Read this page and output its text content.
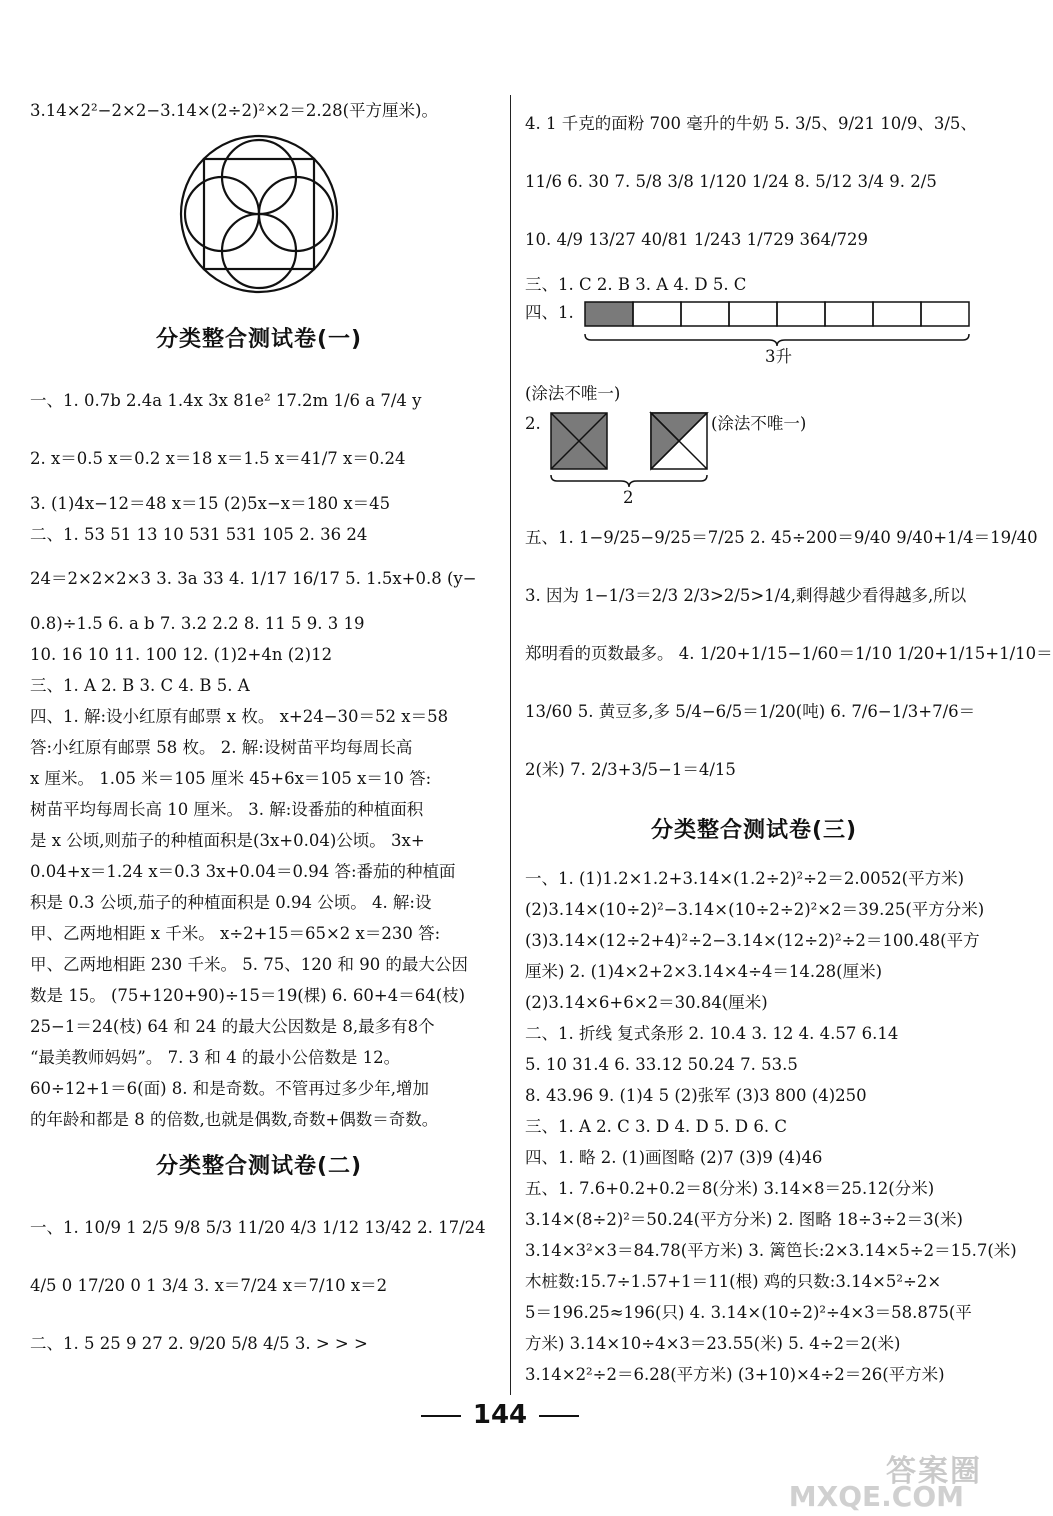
3.14×2²−2×2−3.14×(2÷2)²×2＝2.28(平方厘米)。
分类整合测试卷(一)
一、1. 0.7b 2.4a 1.4x 3x 81e² 17.2m 1/6 a 7/4 y
2. x＝0.5 x＝0.2 x＝18 x＝1.5 x＝41/7 x＝0.24
3. (1)4x−12＝48 x＝15 (2)5x−x＝180 x＝45
二、1. 53 51 13 10 531 531 105 2. 36 24
24＝2×2×2×3 3. 3a 33 4. 1/17 16/17 5. 1.5x+0.8 (y−
0.8)÷1.5 6. a b 7. 3.2 2.2 8. 11 5 9. 3 19
10. 16 10 11. 100 12. (1)2+4n (2)12
三、1. A 2. B 3. C 4. B 5. A
四、1. 解:设小红原有邮票 x 枚。 x+24−30＝52 x＝58
答:小红原有邮票 58 枚。 2. 解:设树苗平均每周长高
x 厘米。 1.05 米＝105 厘米 45+6x＝105 x＝10 答:
树苗平均每周长高 10 厘米。 3. 解:设番茄的种植面积
是 x 公顷,则茄子的种植面积是(3x+0.04)公顷。 3x+
0.04+x＝1.24 x＝0.3 3x+0.04＝0.94 答:番茄的种植面
积是 0.3 公顷,茄子的种植面积是 0.94 公顷。 4. 解:设
甲、乙两地相距 x 千米。 x÷2+15＝65×2 x＝230 答:
甲、乙两地相距 230 千米。 5. 75、120 和 90 的最大公因
数是 15。 (75+120+90)÷15＝19(棵) 6. 60+4＝64(枝)
25−1＝24(枝) 64 和 24 的最大公因数是 8,最多有8个
“最美教师妈妈”。 7. 3 和 4 的最小公倍数是 12。
60÷12+1＝6(面) 8. 和是奇数。不管再过多少年,增加
的年龄和都是 8 的倍数,也就是偶数,奇数+偶数＝奇数。
分类整合测试卷(二)
一、1. 10/9 1 2/5 9/8 5/3 11/20 4/3 1/12 13/42 2. 17/24
4/5 0 17/20 0 1 3/4 3. x＝7/24 x＝7/10 x＝2
二、1. 5 25 9 27 2. 9/20 5/8 4/5 3. > > >
4. 1 千克的面粉 700 毫升的牛奶 5. 3/5、9/21 10/9、3/5、
11/6 6. 30 7. 5/8 3/8 1/120 1/24 8. 5/12 3/4 9. 2/5
10. 4/9 13/27 40/81 1/243 1/729 364/729
三、1. C 2. B 3. A 4. D 5. C
四、1.
3升
(涂法不唯一)
2.	(涂法不唯一)
2
五、1. 1−9/25−9/25＝7/25 2. 45÷200＝9/40 9/40+1/4＝19/40
3. 因为 1−1/3＝2/3 2/3>2/5>1/4,剩得越少看得越多,所以
郑明看的页数最多。 4. 1/20+1/15−1/60＝1/10 1/20+1/15+1/10＝
13/60 5. 黄豆多,多 5/4−6/5＝1/20(吨) 6. 7/6−1/3+7/6＝
2(米) 7. 2/3+3/5−1＝4/15
分类整合测试卷(三)
一、1. (1)1.2×1.2+3.14×(1.2÷2)²÷2＝2.0052(平方米)
(2)3.14×(10÷2)²−3.14×(10÷2÷2)²×2＝39.25(平方分米)
(3)3.14×(12÷2+4)²÷2−3.14×(12÷2)²÷2＝100.48(平方
厘米) 2. (1)4×2+2×3.14×4÷4＝14.28(厘米)
(2)3.14×6+6×2＝30.84(厘米)
二、1. 折线 复式条形 2. 10.4 3. 12 4. 4.57 6.14
5. 10 31.4 6. 33.12 50.24 7. 53.5
8. 43.96 9. (1)4 5 (2)张军 (3)3 800 (4)250
三、1. A 2. C 3. D 4. D 5. D 6. C
四、1. 略 2. (1)画图略 (2)7 (3)9 (4)46
五、1. 7.6+0.2+0.2＝8(分米) 3.14×8＝25.12(分米)
3.14×(8÷2)²＝50.24(平方分米) 2. 图略 18÷3÷2＝3(米)
3.14×3²×3＝84.78(平方米) 3. 篱笆长:2×3.14×5÷2＝15.7(米)
木桩数:15.7÷1.57+1＝11(根) 鸡的只数:3.14×5²÷2×
5＝196.25≈196(只) 4. 3.14×(10÷2)²÷4×3＝58.875(平
方米) 3.14×10÷4×3＝23.55(米) 5. 4÷2＝2(米)
3.14×2²÷2＝6.28(平方米) (3+10)×4÷2＝26(平方米)
144
答案圈
MXQE.COM
